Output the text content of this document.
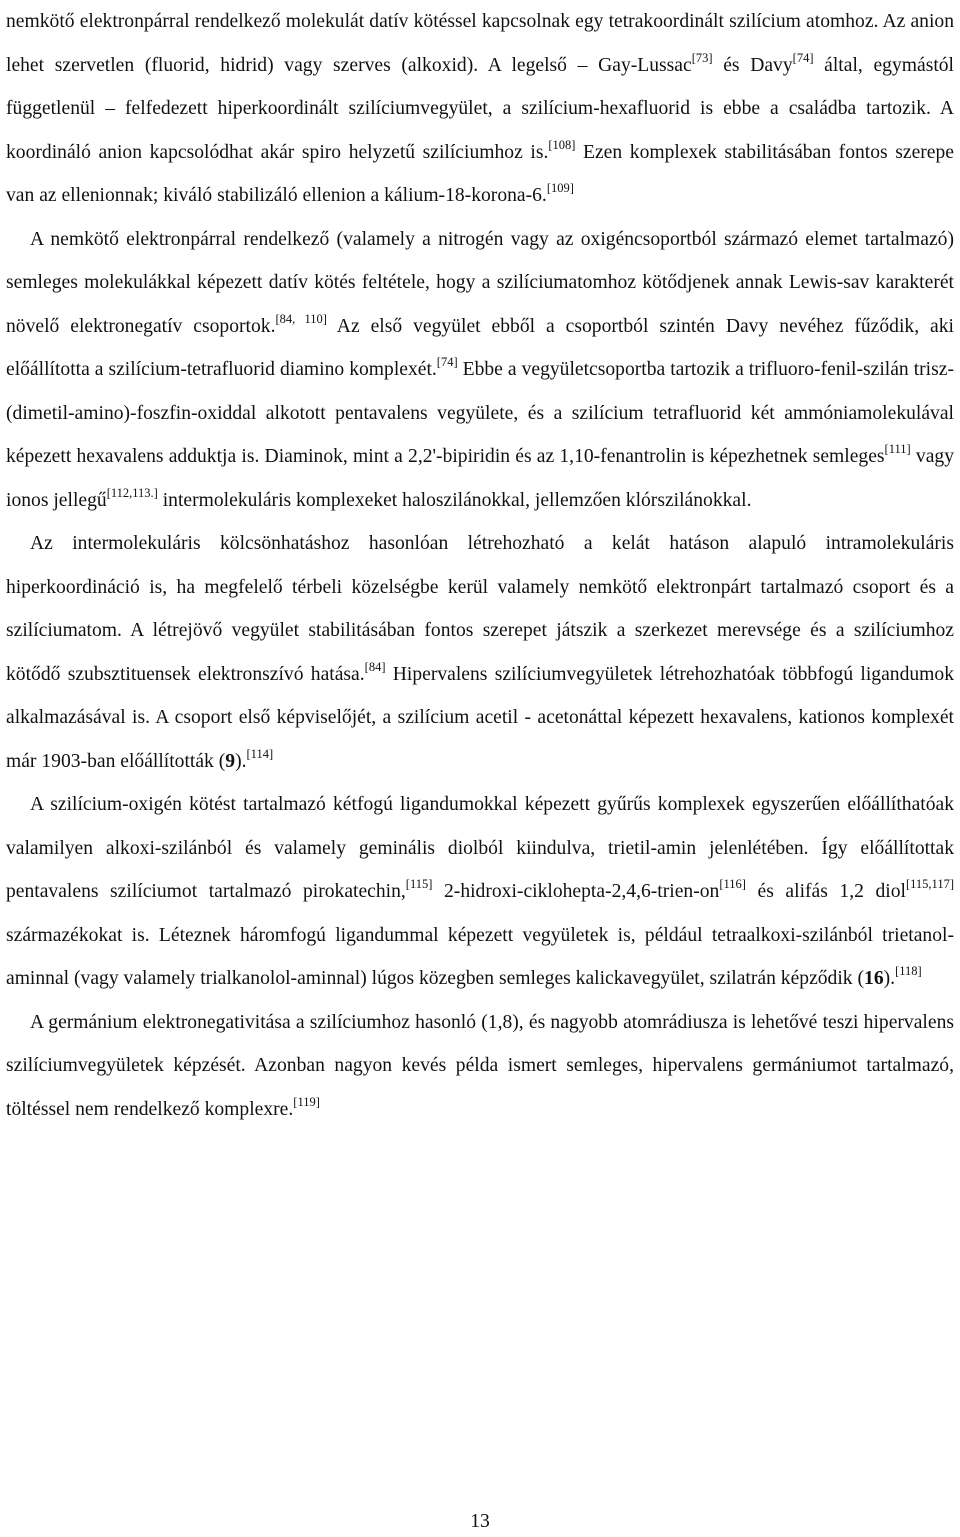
nemkötő elektronpárral rendelkező molekulát datív kötéssel kapcsolnak egy tetrakoordinált szilícium atomhoz. Az anion lehet szervetlen (fluorid, hidrid) vagy szerves (alkoxid). A legelső – Gay-Lussac[73] és Davy[74] által, egymástól függetlenül – felfedezett hiperkoordinált szilíciumvegyület, a szilícium-hexafluorid is ebbe a családba tartozik. A koordináló anion kapcsolódhat akár spiro helyzetű szilíciumhoz is.[108] Ezen komplexek stabilitásában fontos szerepe van az ellenionnak; kiváló stabilizáló ellenion a kálium-18-korona-6.[109]

A nemkötő elektronpárral rendelkező (valamely a nitrogén vagy az oxigéncsoportból származó elemet tartalmazó) semleges molekulákkal képezett datív kötés feltétele, hogy a szilíciumatomhoz kötődjenek annak Lewis-sav karakterét növelő elektronegatív csoportok.[84, 110] Az első vegyület ebből a csoportból szintén Davy nevéhez fűződik, aki előállította a szilícium-tetrafluorid diamino komplexét.[74] Ebbe a vegyületcsoportba tartozik a trifluoro-fenil-szilán trisz-(dimetil-amino)-foszfin-oxiddal alkotott pentavalens vegyülete, és a szilícium tetrafluorid két ammóniamolekulával képezett hexavalens adduktja is. Diaminok, mint a 2,2'-bipiridin és az 1,10-fenantrolin is képezhetnek semleges[111] vagy ionos jellegű[112,113.] intermolekuláris komplexeket haloszilánokkal, jellemzően klórszilánokkal.

Az intermolekuláris kölcsönhatáshoz hasonlóan létrehozható a kelát hatáson alapuló intramolekuláris hiperkoordináció is, ha megfelelő térbeli közelségbe kerül valamely nemkötő elektronpárt tartalmazó csoport és a szilíciumatom. A létrejövő vegyület stabilitásában fontos szerepet játszik a szerkezet merevsége és a szilíciumhoz kötődő szubsztituensek elektronszívó hatása.[84] Hipervalens szilíciumvegyületek létrehozhatóak többfogú ligandumok alkalmazásával is. A csoport első képviselőjét, a szilícium acetil - acetonáttal képezett hexavalens, kationos komplexét már 1903-ban előállították (9).[114]

A szilícium-oxigén kötést tartalmazó kétfogú ligandumokkal képezett gyűrűs komplexek egyszerűen előállíthatóak valamilyen alkoxi-szilánból és valamely geminális diolból kiindulva, trietil-amin jelenlétében. Így előállítottak pentavalens szilíciumot tartalmazó pirokatechin,[115] 2-hidroxi-ciklohepta-2,4,6-trien-on[116] és alifás 1,2 diol[115,117] származékokat is. Léteznek háromfogú ligandummal képezett vegyületek is, például tetraalkoxi-szilánból trietanol-aminnal (vagy valamely trialkanolol-aminnal) lúgos közegben semleges kalickavegyület, szilatrán képződik (16).[118]

A germánium elektronegativitása a szilíciumhoz hasonló (1,8), és nagyobb atomrádiusza is lehetővé teszi hipervalens szilíciumvegyületek képzését. Azonban nagyon kevés példa ismert semleges, hipervalens germániumot tartalmazó, töltéssel nem rendelkező komplexre.[119]

13
